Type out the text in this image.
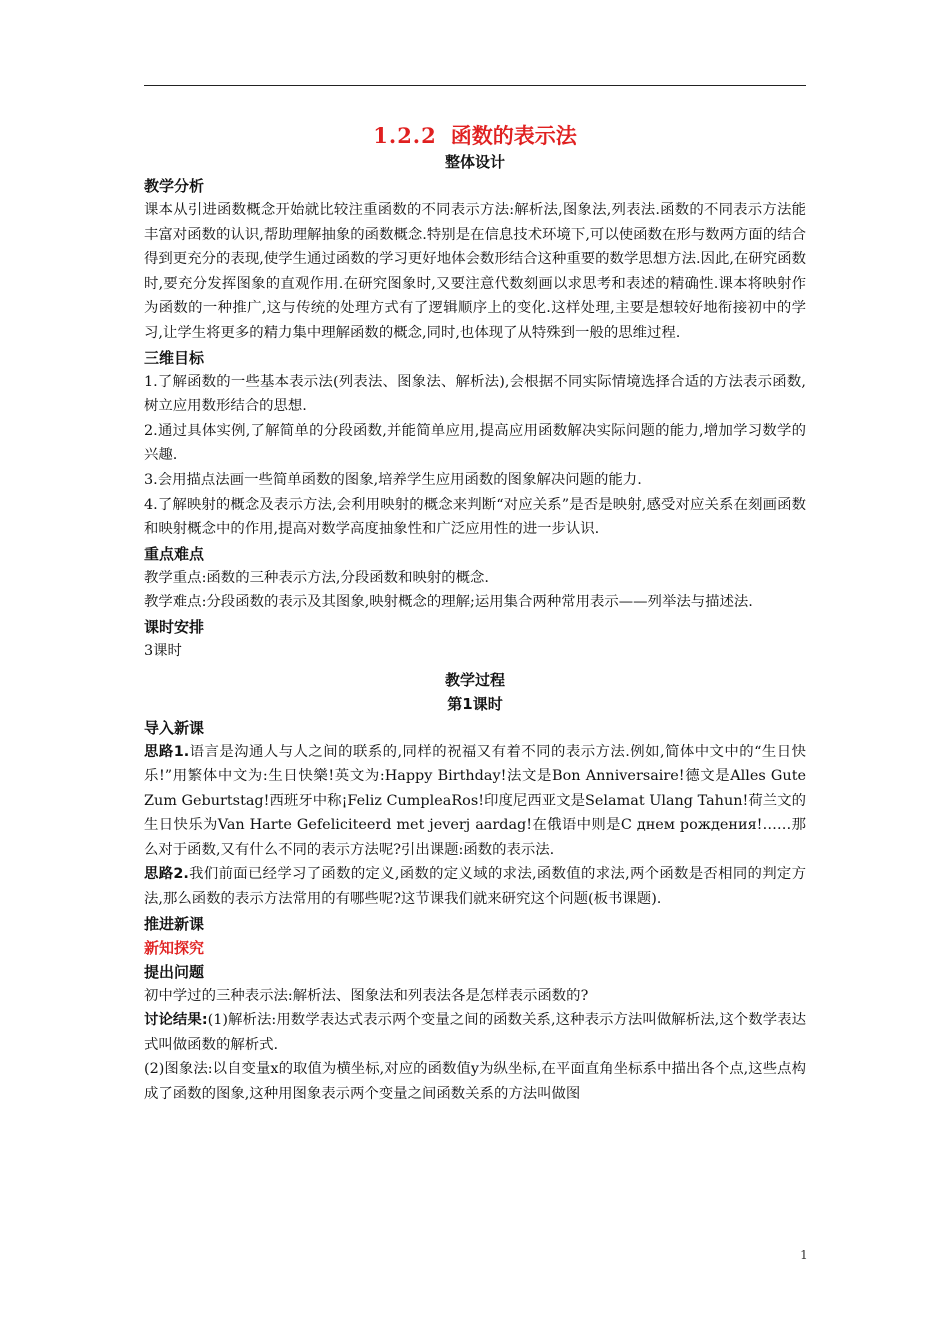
1.2.2 函数的表示法

整体设计

教学分析

课本从引进函数概念开始就比较注重函数的不同表示方法:解析法,图象法,列表法.函数的不同表示方法能丰富对函数的认识,帮助理解抽象的函数概念.特别是在信息技术环境下,可以使函数在形与数两方面的结合得到更充分的表现,使学生通过函数的学习更好地体会数形结合这种重要的数学思想方法.因此,在研究函数时,要充分发挥图象的直观作用.在研究图象时,又要注意代数刻画以求思考和表述的精确性.课本将映射作为函数的一种推广,这与传统的处理方式有了逻辑顺序上的变化.这样处理,主要是想较好地衔接初中的学习,让学生将更多的精力集中理解函数的概念,同时,也体现了从特殊到一般的思维过程.

三维目标

1.了解函数的一些基本表示法(列表法、图象法、解析法),会根据不同实际情境选择合适的方法表示函数,树立应用数形结合的思想.

2.通过具体实例,了解简单的分段函数,并能简单应用,提高应用函数解决实际问题的能力,增加学习数学的兴趣.

3.会用描点法画一些简单函数的图象,培养学生应用函数的图象解决问题的能力.

4.了解映射的概念及表示方法,会利用映射的概念来判断“对应关系”是否是映射,感受对应关系在刻画函数和映射概念中的作用,提高对数学高度抽象性和广泛应用性的进一步认识.

重点难点

教学重点:函数的三种表示方法,分段函数和映射的概念.

教学难点:分段函数的表示及其图象,映射概念的理解;运用集合两种常用表示——列举法与描述法.

课时安排

3课时

教学过程

第1课时

导入新课

思路1.语言是沟通人与人之间的联系的,同样的祝福又有着不同的表示方法.例如,简体中文中的“生日快乐!”用繁体中文为:生日快樂!英文为:Happy Birthday!法文是Bon Anniversaire!德文是Alles Gute Zum Geburtstag!西班牙中称¡Feliz CumpleaRos!印度尼西亚文是Selamat Ulang Tahun!荷兰文的生日快乐为Van Harte Gefeliciteerd met jeverj aardag!在俄语中则是С днем рождения!……那么对于函数,又有什么不同的表示方法呢?引出课题:函数的表示法.

思路2.我们前面已经学习了函数的定义,函数的定义域的求法,函数值的求法,两个函数是否相同的判定方法,那么函数的表示方法常用的有哪些呢?这节课我们就来研究这个问题(板书课题).

推进新课

新知探究

提出问题

初中学过的三种表示法:解析法、图象法和列表法各是怎样表示函数的?

讨论结果:(1)解析法:用数学表达式表示两个变量之间的函数关系,这种表示方法叫做解析法,这个数学表达式叫做函数的解析式.

(2)图象法:以自变量x的取值为横坐标,对应的函数值y为纵坐标,在平面直角坐标系中描出各个点,这些点构成了函数的图象,这种用图象表示两个变量之间函数关系的方法叫做图

1
